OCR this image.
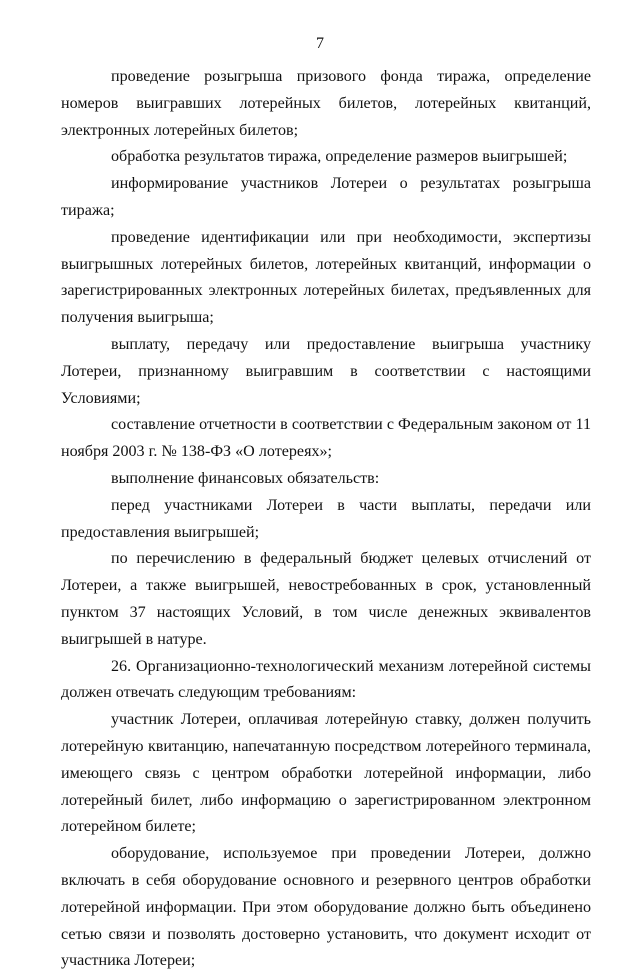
7

проведение розыгрыша призового фонда тиража, определение номеров выигравших лотерейных билетов, лотерейных квитанций, электронных лотерейных билетов;

обработка результатов тиража, определение размеров выигрышей;

информирование участников Лотереи о результатах розыгрыша тиража;

проведение идентификации или при необходимости, экспертизы выигрышных лотерейных билетов, лотерейных квитанций, информации о зарегистрированных электронных лотерейных билетах, предъявленных для получения выигрыша;

выплату, передачу или предоставление выигрыша участнику Лотереи, признанному выигравшим в соответствии с настоящими Условиями;

составление отчетности в соответствии с Федеральным законом от 11 ноября 2003 г. № 138-ФЗ «О лотереях»;

выполнение финансовых обязательств:

перед участниками Лотереи в части выплаты, передачи или предоставления выигрышей;

по перечислению в федеральный бюджет целевых отчислений от Лотереи, а также выигрышей, невостребованных в срок, установленный пунктом 37 настоящих Условий, в том числе денежных эквивалентов выигрышей в натуре.

26. Организационно-технологический механизм лотерейной системы должен отвечать следующим требованиям:

участник Лотереи, оплачивая лотерейную ставку, должен получить лотерейную квитанцию, напечатанную посредством лотерейного терминала, имеющего связь с центром обработки лотерейной информации, либо лотерейный билет, либо информацию о зарегистрированном электронном лотерейном билете;

оборудование, используемое при проведении Лотереи, должно включать в себя оборудование основного и резервного центров обработки лотерейной информации. При этом оборудование должно быть объединено сетью связи и позволять достоверно установить, что документ исходит от участника Лотереи;
